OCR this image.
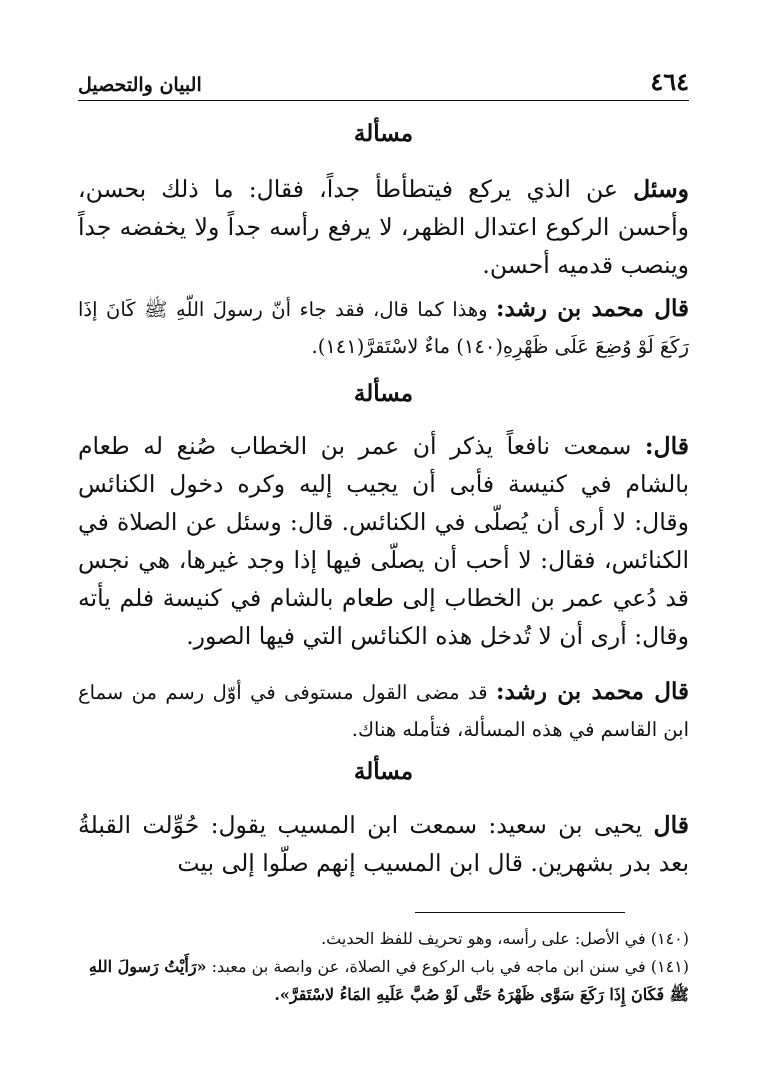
٤٦٤
البيان والتحصيل
مسألة
وسئل عن الذي يركع فيتطأطأ جداً، فقال: ما ذلك بحسن، وأحسن الركوع اعتدال الظهر، لا يرفع رأسه جداً ولا يخفضه جداً وينصب قدميه أحسن.
قال محمد بن رشد: وهذا كما قال، فقد جاء أنّ رسولَ اللّهِ ﷺ كَانَ إذَا رَكَعَ لَوْ وُضِعَ عَلَى ظَهْرِهِ(١٤٠) ماءٌ لاسْتَقرَّ(١٤١).
مسألة
قال: سمعت نافعاً يذكر أن عمر بن الخطاب صُنع له طعام بالشام في كنيسة فأبى أن يجيب إليه وكره دخول الكنائس وقال: لا أرى أن يُصلّى في الكنائس. قال: وسئل عن الصلاة في الكنائس، فقال: لا أحب أن يصلّى فيها إذا وجد غيرها، هي نجس قد دُعي عمر بن الخطاب إلى طعام بالشام في كنيسة فلم يأته وقال: أرى أن لا تُدخل هذه الكنائس التي فيها الصور.
قال محمد بن رشد: قد مضى القول مستوفى في أوّل رسم من سماع ابن القاسم في هذه المسألة، فتأمله هناك.
مسألة
قال يحيى بن سعيد: سمعت ابن المسيب يقول: حُوِّلت القبلةُ بعد بدر بشهرين. قال ابن المسيب إنهم صلّوا إلى بيت
(١٤٠) في الأصل: على رأسه، وهو تحريف للفظ الحديث.
(١٤١) في سنن ابن ماجه في باب الركوع في الصلاة، عن وابصة بن معبد: «رَأَيْتُ رَسولَ اللهِ ﷺ فَكَانَ إِذَا رَكَعَ سَوَّى ظَهْرَهُ حَتَّى لَوْ صُبَّ عَلَيهِ المَاءُ لاسْتَقرَّ».
